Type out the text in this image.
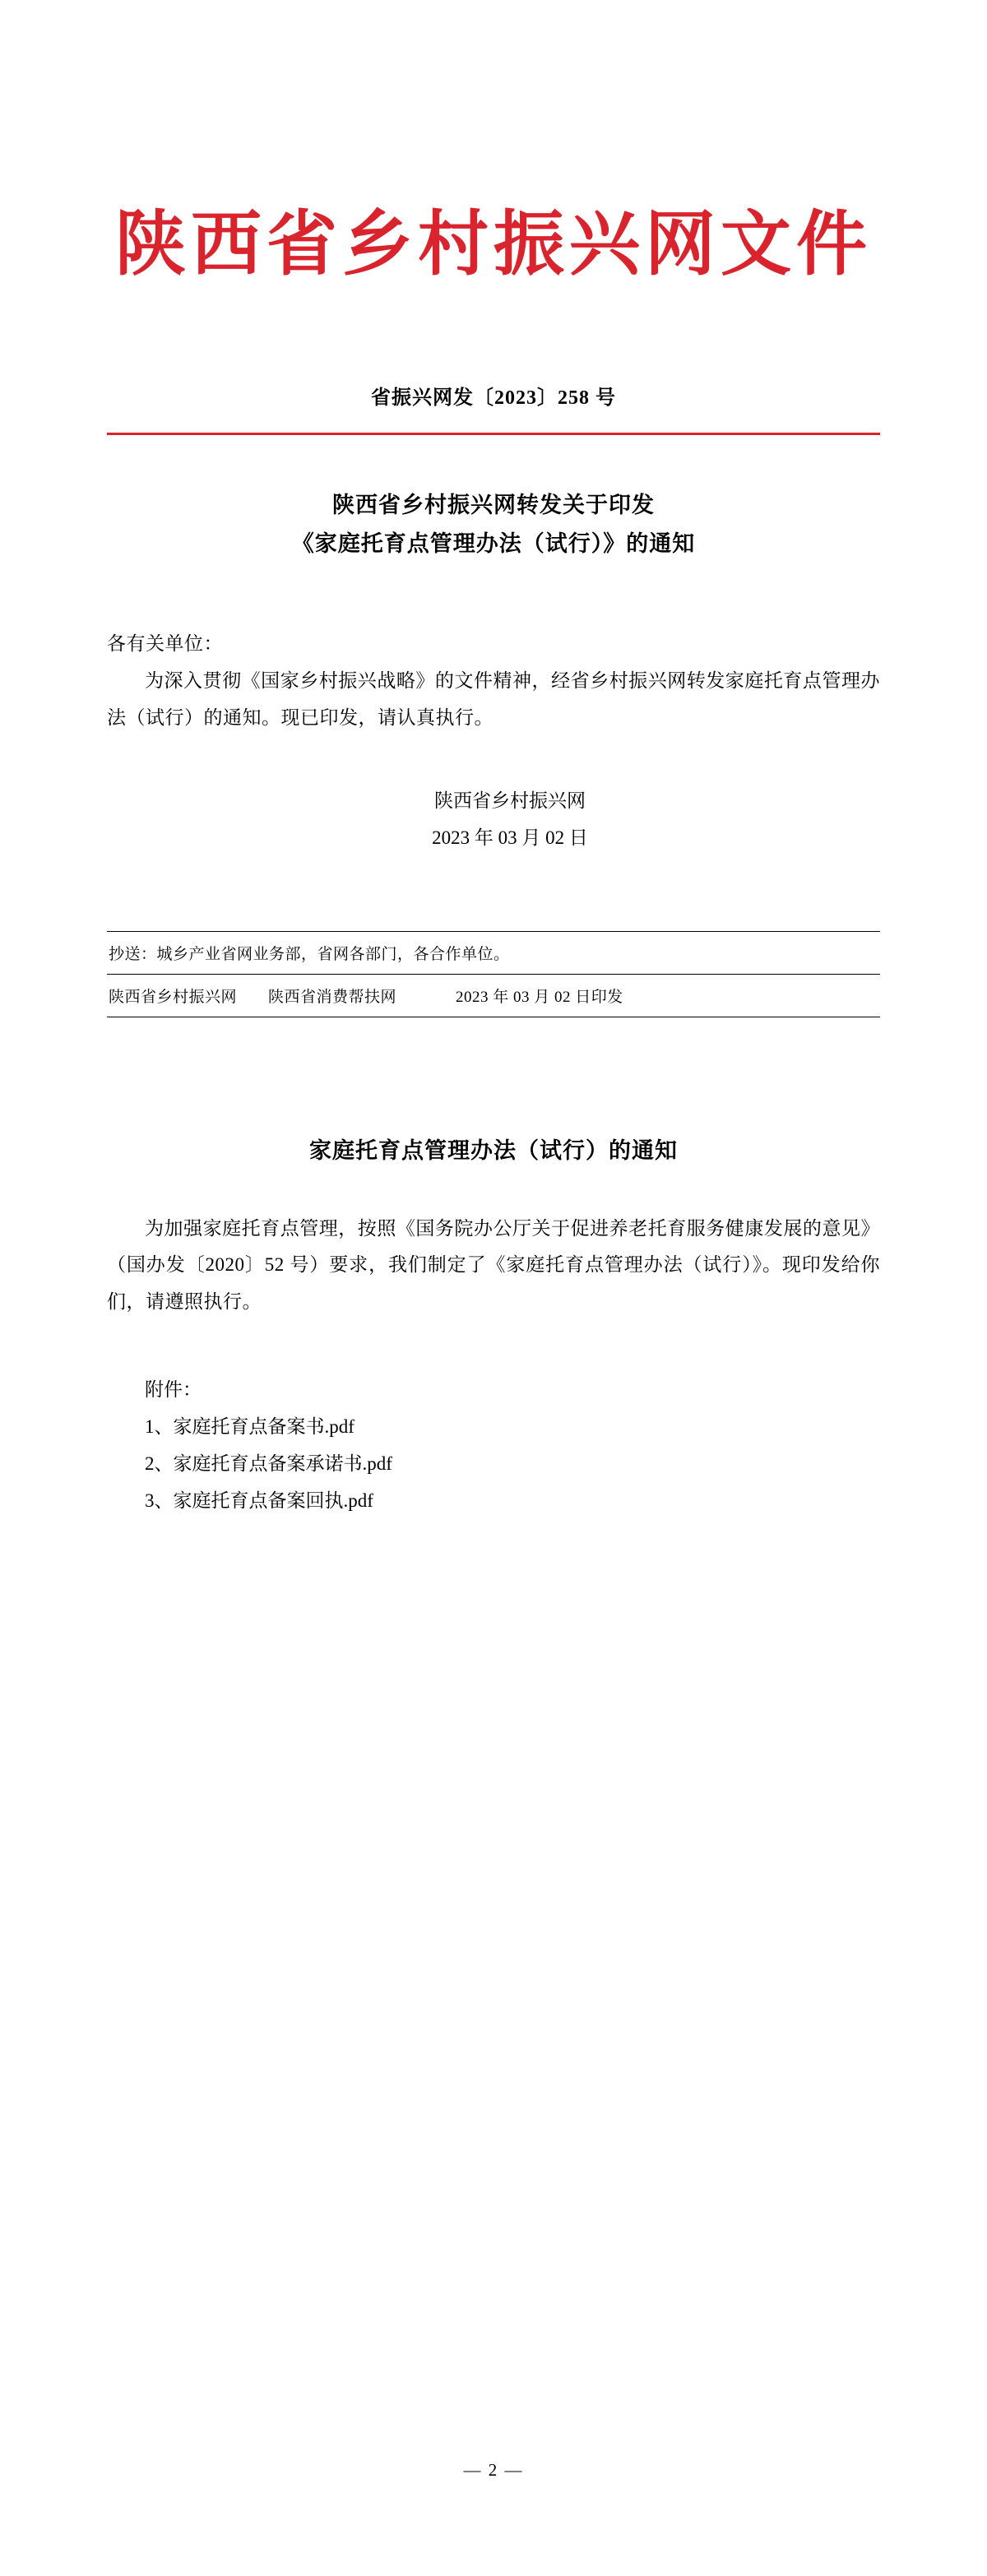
陕西省乡村振兴网文件
省振兴网发〔2023〕258 号
陕西省乡村振兴网转发关于印发
《家庭托育点管理办法（试行）》的通知
各有关单位：
为深入贯彻《国家乡村振兴战略》的文件精神，经省乡村振兴网转发家庭托育点管理办法（试行）的通知。现已印发，请认真执行。
陕西省乡村振兴网
2023 年 03 月 02 日
抄送：城乡产业省网业务部，省网各部门，各合作单位。
陕西省乡村振兴网 陕西省消费帮扶网	2023 年 03 月 02 日印发
家庭托育点管理办法（试行）的通知
为加强家庭托育点管理，按照《国务院办公厅关于促进养老托育服务健康发展的意见》（国办发〔2020〕52 号）要求，我们制定了《家庭托育点管理办法（试行）》。现印发给你们，请遵照执行。
附件：
1、家庭托育点备案书.pdf
2、家庭托育点备案承诺书.pdf
3、家庭托育点备案回执.pdf
— 2 —
